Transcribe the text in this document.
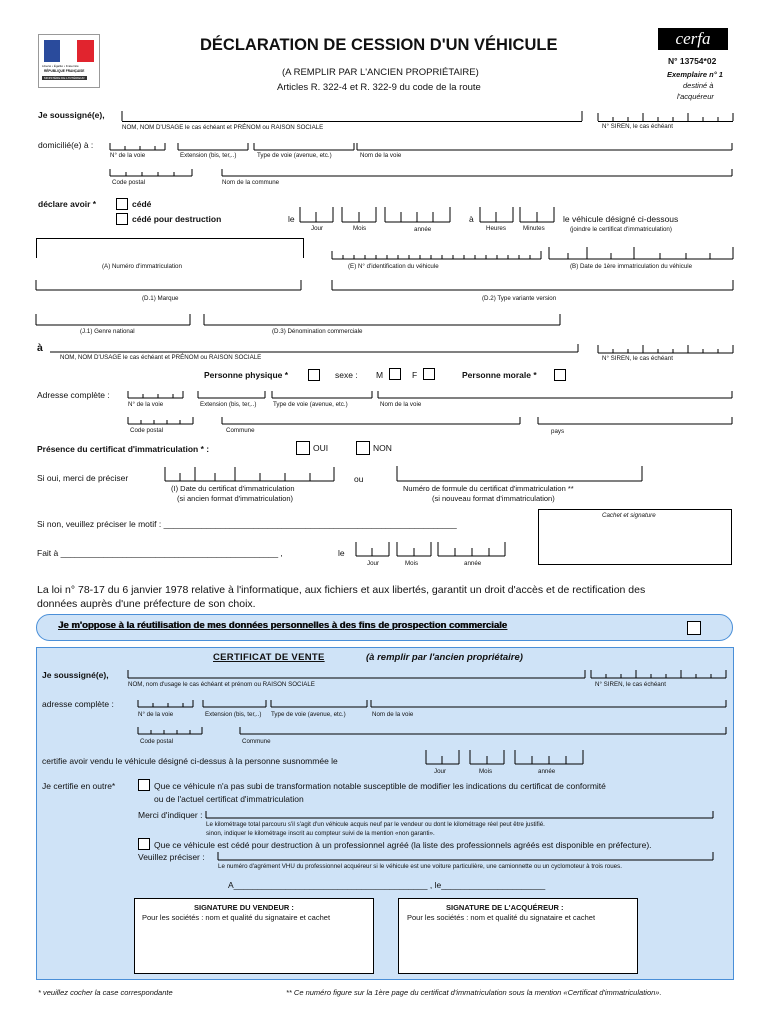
Liberté • Égalité • Fraternité
RÉPUBLIQUE FRANÇAISE
MINISTÈRE DE L'INTÉRIEUR
DÉCLARATION DE CESSION D'UN VÉHICULE
(A REMPLIR PAR L'ANCIEN PROPRIÉTAIRE)
Articles R. 322-4 et R. 322-9 du code de la route
cerfa
N° 13754*02
Exemplaire n° 1
destiné à
l'acquéreur
Je soussigné(e),
NOM, NOM D'USAGE le cas échéant et PRÉNOM ou RAISON SOCIALE	N° SIREN, le cas échéant
domicilié(e) à :
N° de la voie	Extension (bis, ter,..)	Type de voie (avenue, etc.)	Nom de la voie
Code postal	Nom de la commune
déclare avoir *	cédé
cédé pour destruction	le
Jour	Mois	année
à
Heures	Minutes
le véhicule désigné ci-dessous
(joindre le certificat d'immatriculation)
(A) Numéro d'immatriculation	(E) N° d'identification du véhicule	(B) Date de 1ère immatriculation du véhicule
(D.1) Marque	(D.2) Type variante version
(J.1) Genre national	(D.3) Dénomination commerciale
à
NOM, NOM D'USAGE le cas échéant et PRÉNOM ou RAISON SOCIALE	N° SIREN, le cas échéant
Personne physique *	sexe : M	F	Personne morale *
Adresse complète :
N° de la voie	Extension (bis, ter,..)	Type de voie (avenue, etc.)	Nom de la voie
Code postal	Commune	pays
Présence du certificat d'immatriculation * :	OUI	NON
Si oui, merci de préciser
(I) Date du certificat d'immatriculation
(si ancien format d'immatriculation)
ou
Numéro de formule du certificat d'immatriculation **
(si nouveau format d'immatriculation)
Cachet et signature
Si non, veuillez préciser le motif : ______________________________________________________________
Fait à ______________________________________________ ,	le
Jour	Mois	année
La loi n° 78-17 du 6 janvier 1978 relative à l'informatique, aux fichiers et aux libertés, garantit un droit d'accès et de rectification des
données auprès d'une préfecture de son choix.
Je m'oppose à la réutilisation de mes données personnelles à des fins de prospection commerciale
CERTIFICAT DE VENTE	(à remplir par l'ancien propriétaire)
Je soussigné(e),
NOM, nom d'usage le cas échéant et prénom ou RAISON SOCIALE	N° SIREN, le cas échéant
adresse complète :
N° de la voie	Extension (bis, ter,..) Type de voie (avenue, etc.)	Nom de la voie
Code postal	Commune
certifie avoir vendu le véhicule désigné ci-dessus à la personne susnommée le
Jour	Mois	année
Je certifie en outre*	Que ce véhicule n'a pas subi de transformation notable susceptible de modifier les indications du certificat de conformité
ou de l'actuel certificat d'immatriculation
Merci d'indiquer :
Le kilométrage total parcouru s'il s'agit d'un véhicule acquis neuf par le vendeur ou dont le kilométrage réel peut être justifié.
sinon, indiquer le kilométrage inscrit au compteur suivi de la mention «non garanti».
Que ce véhicule est cédé pour destruction à un professionnel agréé (la liste des professionnels agréés est disponible en préfecture).
Veuillez préciser :
Le numéro d'agrément VHU du professionnel acquéreur si le véhicule est une voiture particulière, une camionnette ou un cyclomoteur à trois roues.
A_________________________________________ , le______________________
SIGNATURE DU VENDEUR :
Pour les sociétés : nom et qualité du signataire et cachet
SIGNATURE DE L'ACQUÉREUR :
Pour les sociétés : nom et qualité du signataire et cachet
* veuillez cocher la case correspondante	** Ce numéro figure sur la 1ère page du certificat d'immatriculation sous la mention «Certificat d'immatriculation».
